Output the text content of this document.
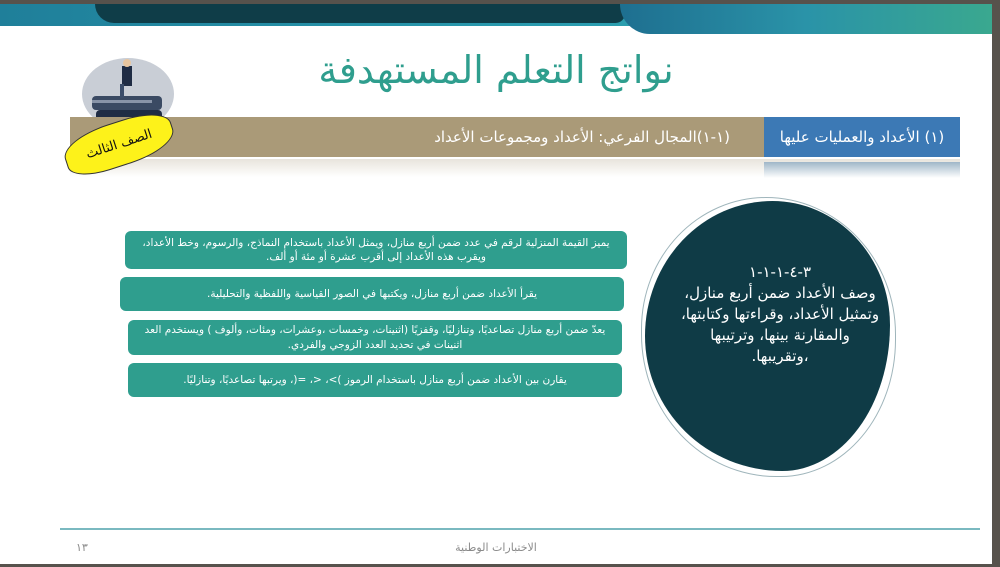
نواتج التعلم المستهدفة
(١-١)المجال الفرعي: الأعداد ومجموعات الأعداد	(١) الأعداد والعمليات عليها
الصف الثالث
يميز القيمة المنزلية لرقم في عدد ضمن أربع منازل، ويمثل الأعداد باستخدام النماذج، والرسوم، وخط الأعداد، ويقرب هذه الأعداد إلى أقرب عشرة أو مئة أو ألف.
يقرأ الأعداد ضمن أربع منازل، ويكتبها في الصور القياسية واللفظية والتحليلية.
يعدّ ضمن أربع منازل تصاعديًا، وتنازليًا، وقفزيًا (اثنينات، وخمسات ،وعشرات، ومئات، وألوف ) ويستخدم العد اثنينات في تحديد العدد الزوجي والفردي.
يقارن بين الأعداد ضمن أربع منازل باستخدام الرموز )>، <، =(، ويرتبها تصاعديًا، وتنازليًا.
٣-٤-١-١-١
وصف الأعداد ضمن أربع منازل، وتمثيل الأعداد، وقراءتها وكتابتها، والمقارنة بينها، وترتيبها ،وتقريبها.
الاختبارات الوطنية
١٣
